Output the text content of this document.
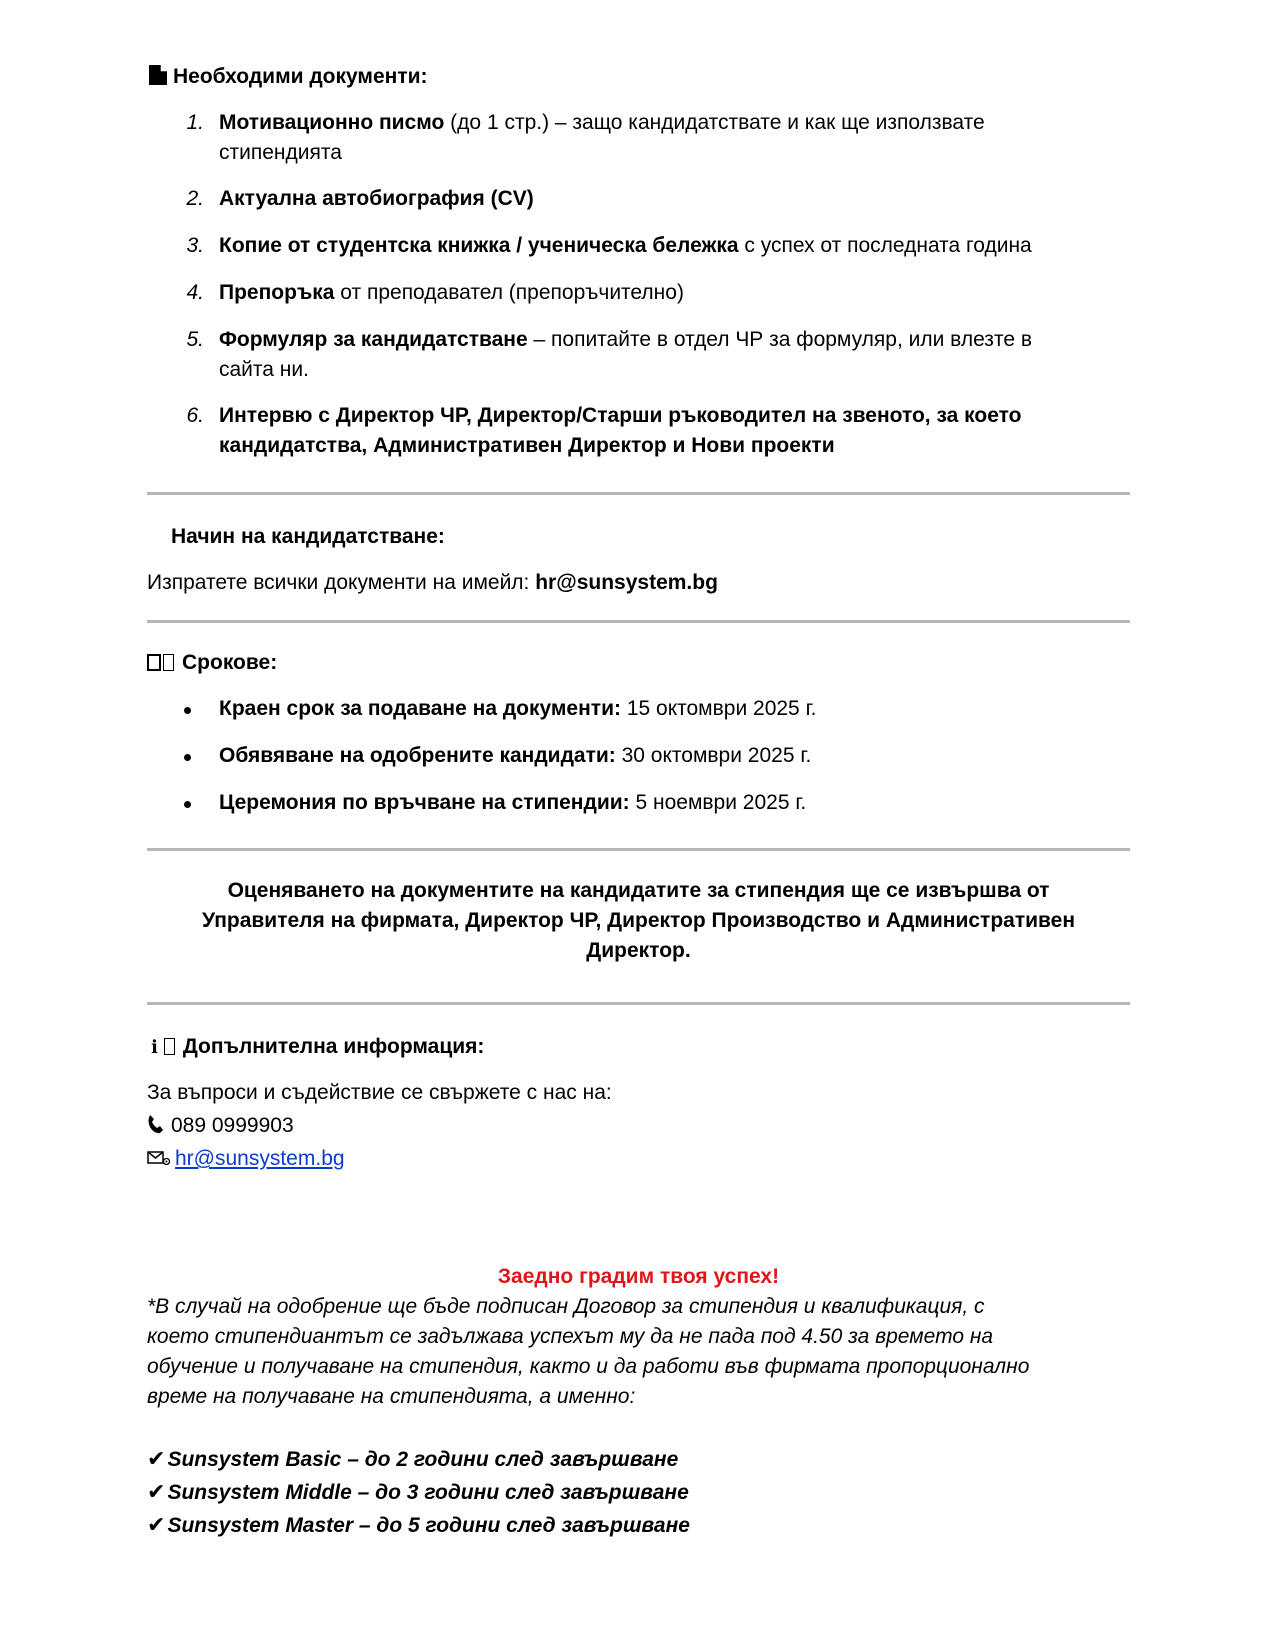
Необходими документи:
1. Мотивационно писмо (до 1 стр.) – защо кандидатствате и как ще използвате
стипендията
2. Актуална автобиография (CV)
3. Копие от студентска книжка / ученическа бележка с успех от последната година
4. Препоръка от преподавател (препоръчително)
5. Формуляр за кандидатстване – попитайте в отдел ЧР за формуляр, или влезте в
сайта ни.
6. Интервю с Директор ЧР, Директор/Старши ръководител на звеното, за което
кандидатства, Административен Директор и Нови проекти
Начин на кандидатстване:
Изпратете всички документи на имейл: hr@sunsystem.bg
Срокове:
Краен срок за подаване на документи: 15 октомври 2025 г.
Обявяване на одобрените кандидати: 30 октомври 2025 г.
Церемония по връчване на стипендии: 5 ноември 2025 г.
Оценяването на документите на кандидатите за стипендия ще се извършва от
Управителя на фирмата, Директор ЧР, Директор Производство и Административен
Директор.
ℹ Допълнителна информация:
За въпроси и съдействие се свържете с нас на:
089 0999903
hr@sunsystem.bg
Заедно градим твоя успех!
*В случай на одобрение ще бъде подписан Договор за стипендия и квалификация, с
което стипендиантът се задължава успехът му да не пада под 4.50 за времето на
обучение и получаване на стипендия, както и да работи във фирмата пропорционално
време на получаване на стипендията, а именно:
✔Sunsystem Basic – до 2 години след завършване
✔Sunsystem Middle – до 3 години след завършване
✔Sunsystem Master – до 5 години след завършване
